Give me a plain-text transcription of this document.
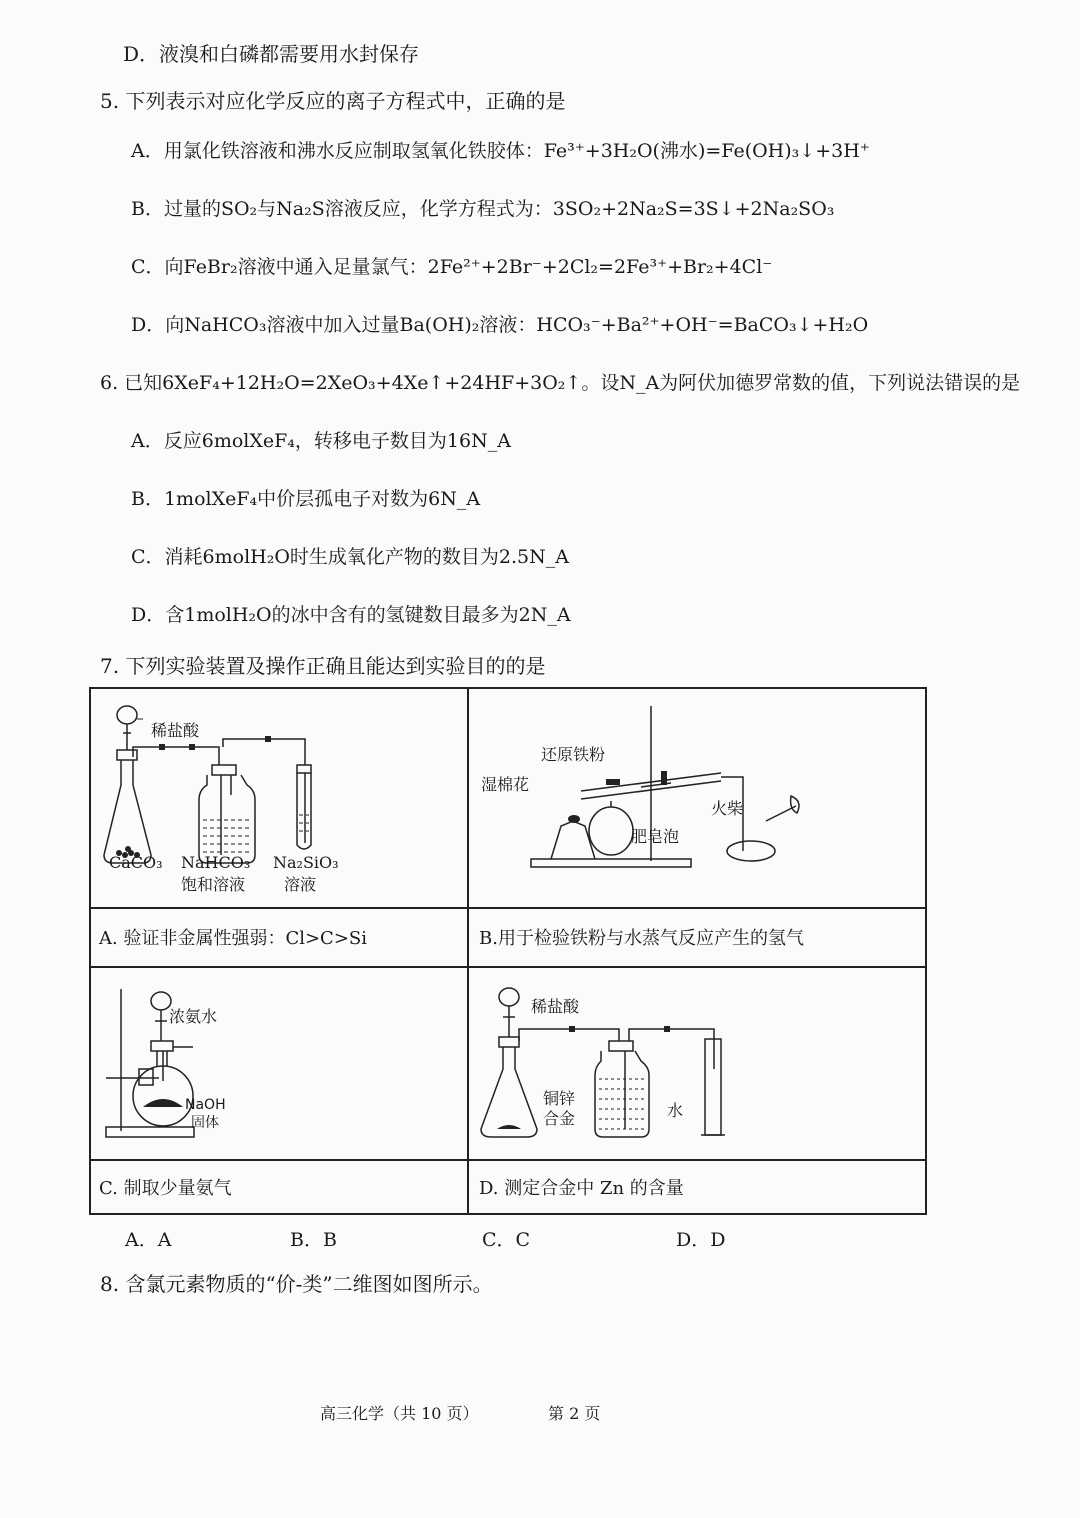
D．液溴和白磷都需要用水封保存
5. 下列表示对应化学反应的离子方程式中，正确的是
A．用氯化铁溶液和沸水反应制取氢氧化铁胶体：Fe³⁺+3H₂O(沸水)=Fe(OH)₃↓+3H⁺
B．过量的SO₂与Na₂S溶液反应，化学方程式为：3SO₂+2Na₂S=3S↓+2Na₂SO₃
C．向FeBr₂溶液中通入足量氯气：2Fe²⁺+2Br⁻+2Cl₂=2Fe³⁺+Br₂+4Cl⁻
D．向NaHCO₃溶液中加入过量Ba(OH)₂溶液：HCO₃⁻+Ba²⁺+OH⁻=BaCO₃↓+H₂O
6. 已知6XeF₄+12H₂O=2XeO₃+4Xe↑+24HF+3O₂↑。设N_A为阿伏加德罗常数的值，下列说法错误的是
A．反应6molXeF₄，转移电子数目为16N_A
B．1molXeF₄中价层孤电子对数为6N_A
C．消耗6molH₂O时生成氧化产物的数目为2.5N_A
D．含1molH₂O的冰中含有的氢键数目最多为2N_A
7. 下列实验装置及操作正确且能达到实验目的的是
稀盐酸
CaCO₃ NaHCO₃
饱和溶液
Na₂SiO₃
溶液
还原铁粉
湿棉花
火柴
肥皂泡
A. 验证非金属性强弱：Cl>C>Si	B.用于检验铁粉与水蒸气反应产生的氢气
浓氨水
NaOH
固体
稀盐酸
铜锌
合金	水
C. 制取少量氨气	D. 测定合金中 Zn 的含量
A．A	B．B	C．C	D．D
8. 含氯元素物质的“价-类”二维图如图所示。
高三化学（共 10 页）	第 2 页
